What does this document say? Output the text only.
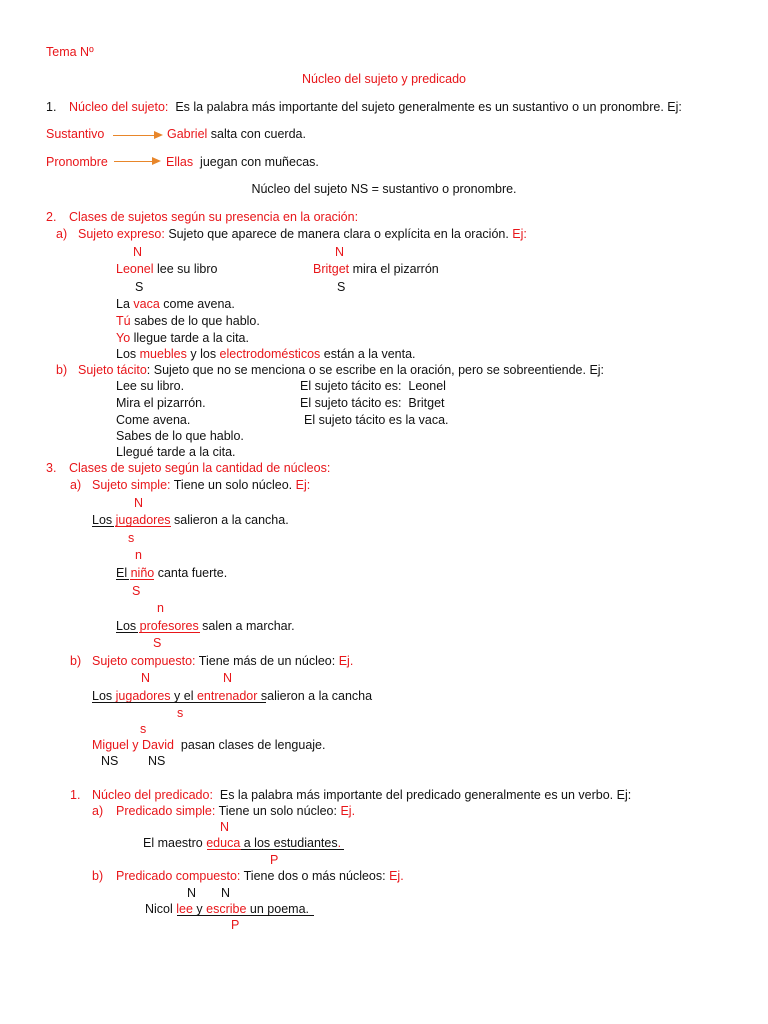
Tema Nº
Núcleo del sujeto y predicado
1. Núcleo del sujeto:  Es la palabra más importante del sujeto generalmente es un sustantivo o un pronombre. Ej:
Sustantivo	Gabriel salta con cuerda.
Pronombre	Ellas  juegan con muñecas.
Núcleo del sujeto NS = sustantivo o pronombre.
2. Clases de sujetos según su presencia en la oración:
a) Sujeto expreso: Sujeto que aparece de manera clara o explícita en la oración. Ej:
N	N
Leonel lee su libro	Britget mira el pizarrón
S	S
La vaca come avena.
Tú sabes de lo que hablo.
Yo llegue tarde a la cita.
Los muebles y los electrodomésticos están a la venta.
b) Sujeto tácito: Sujeto que no se menciona o se escribe en la oración, pero se sobreentiende. Ej:
Lee su libro.	El sujeto tácito es:  Leonel
Mira el pizarrón.	El sujeto tácito es:  Britget
Come avena.	El sujeto tácito es la vaca.
Sabes de lo que hablo.
Llegué tarde a la cita.
3. Clases de sujeto según la cantidad de núcleos:
a) Sujeto simple: Tiene un solo núcleo. Ej:
N
Los jugadores salieron a la cancha.
s
n
El niño canta fuerte.
S
n
Los profesores salen a marchar.
S
b) Sujeto compuesto: Tiene más de un núcleo: Ej.
N	N
Los jugadores y el entrenador salieron a la cancha
s
s
Miguel y David  pasan clases de lenguaje.
NS NS
1. Núcleo del predicado:  Es la palabra más importante del predicado generalmente es un verbo. Ej:
a) Predicado simple: Tiene un solo núcleo: Ej.
N
El maestro educa a los estudiantes.
P
b) Predicado compuesto: Tiene dos o más núcleos: Ej.
N N
Nicol lee y escribe un poema.
P
